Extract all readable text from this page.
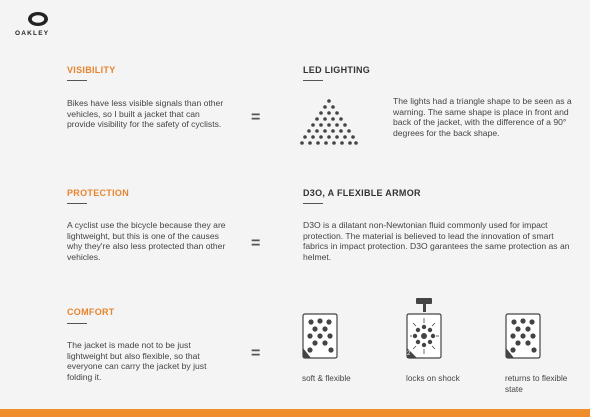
OAKLEY
VISIBILITY
Bikes have less visible signals than other vehicles, so I built a jacket that can provide visibility for the safety of cyclists.	=
LED LIGHTING
The lights had a triangle shape to be seen as a warning. The same shape is place in front and back of the jacket, with the difference of a 90° degrees for the back shape.
PROTECTION
A cyclist use the bicycle because they are lightweight, but this is one of the causes why they're also less protected than other vehicles.
=
D3O, A FLEXIBLE ARMOR
D3O is a dilatant non-Newtonian fluid commonly used for impact protection. The material is believed to lead the innovation of smart fabrics in impact protection. D3O garantees the same protection as an helmet.
COMFORT
The jacket is made not to be just lightweight but also flexible, so that everyone can carry the jacket by just folding it.
=	1
soft & flexible
2
locks on shock
3
returns to flexible state
